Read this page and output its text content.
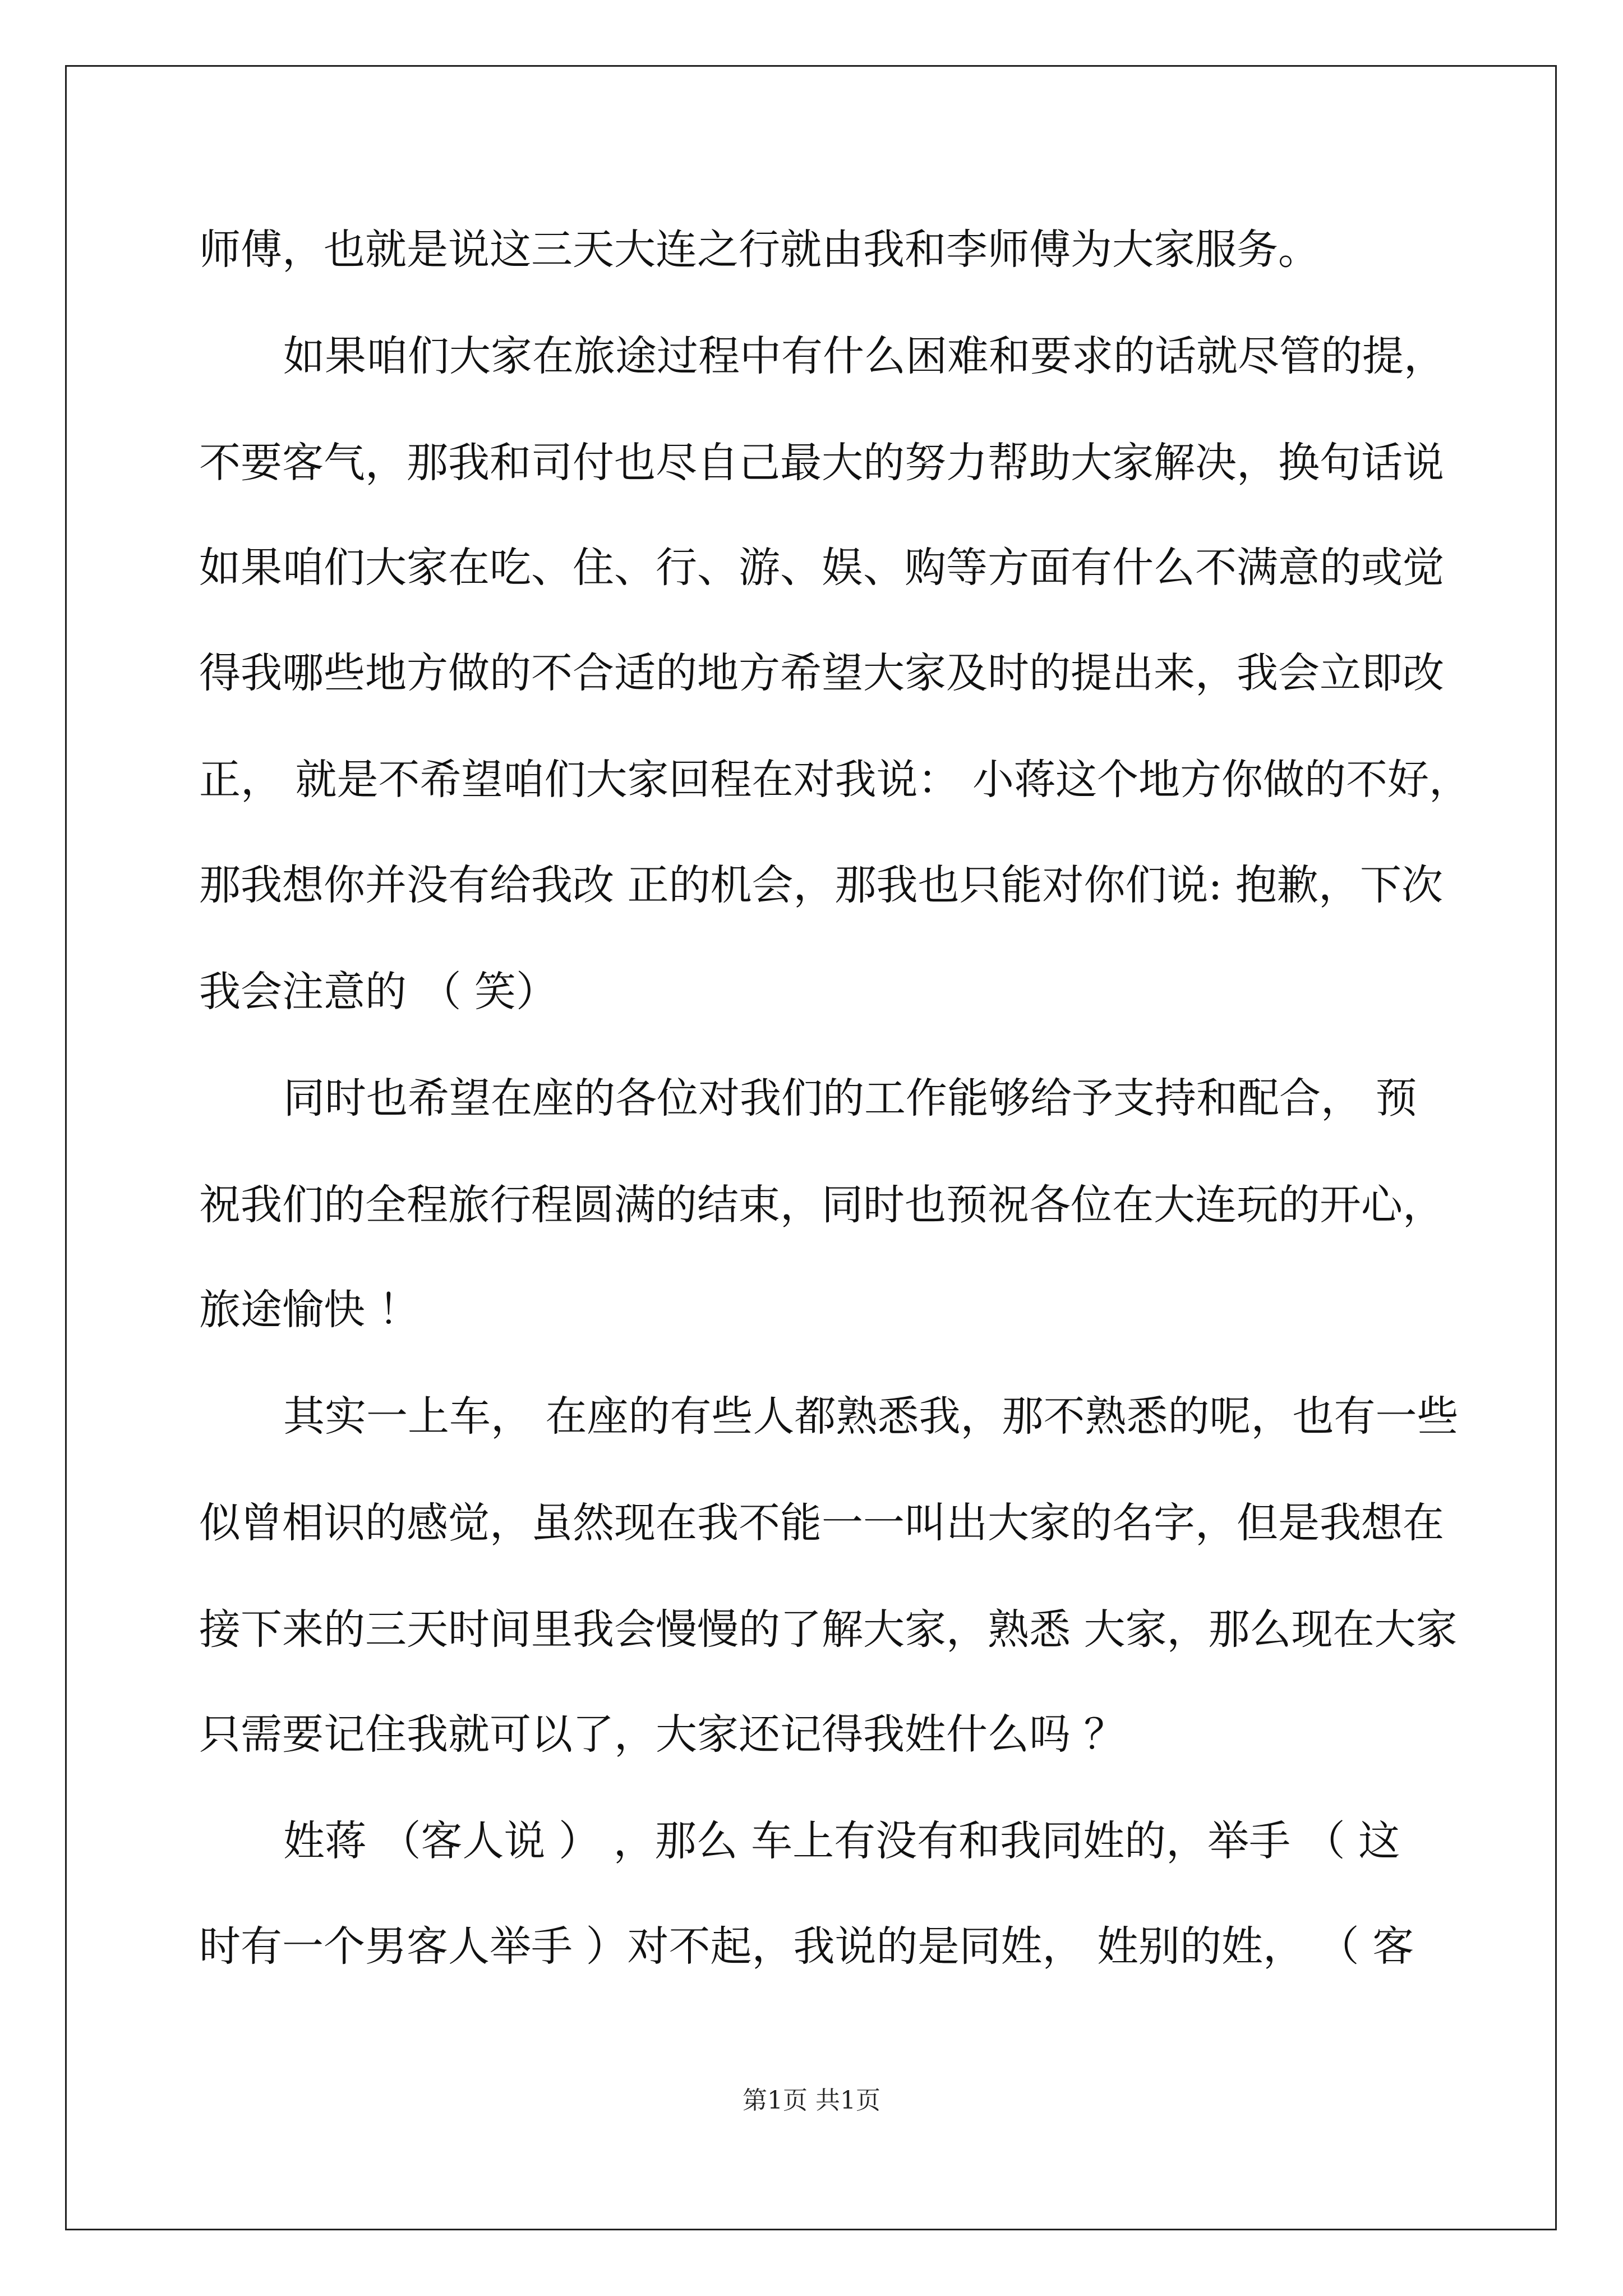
师傅，也就是说这三天大连之行就由我和李师傅为大家服务。
如果咱们大家在旅途过程中有什么困难和要求的话就尽管的提，
不要客气，那我和司付也尽自己最大的努力帮助大家解决，换句话说
如果咱们大家在吃、住、行、游、娱、购等方面有什么不满意的或觉
得我哪些地方做的不合适的地方希望大家及时的提出来，我会立即改
正， 就是不希望咱们大家回程在对我说： 小蒋这个地方你做的不好，
那我想你并没有给我改 正的机会，那我也只能对你们说: 抱歉，下次
我会注意的 （ 笑）
同时也希望在座的各位对我们的工作能够给予支持和配合， 预
祝我们的全程旅行程圆满的结束，同时也预祝各位在大连玩的开心，
旅途愉快 ！
其实一上车， 在座的有些人都熟悉我，那不熟悉的呢，也有一些
似曾相识的感觉，虽然现在我不能一一叫出大家的名字，但是我想在
接下来的三天时间里我会慢慢的了解大家，熟悉 大家，那么现在大家
只需要记住我就可以了，大家还记得我姓什么吗 ？
姓蒋 （客人说 ） ，那么 车上有没有和我同姓的，举手 （ 这
时有一个男客人举手 ）对不起，我说的是同姓， 姓别的姓， （ 客
第1页 共1页
